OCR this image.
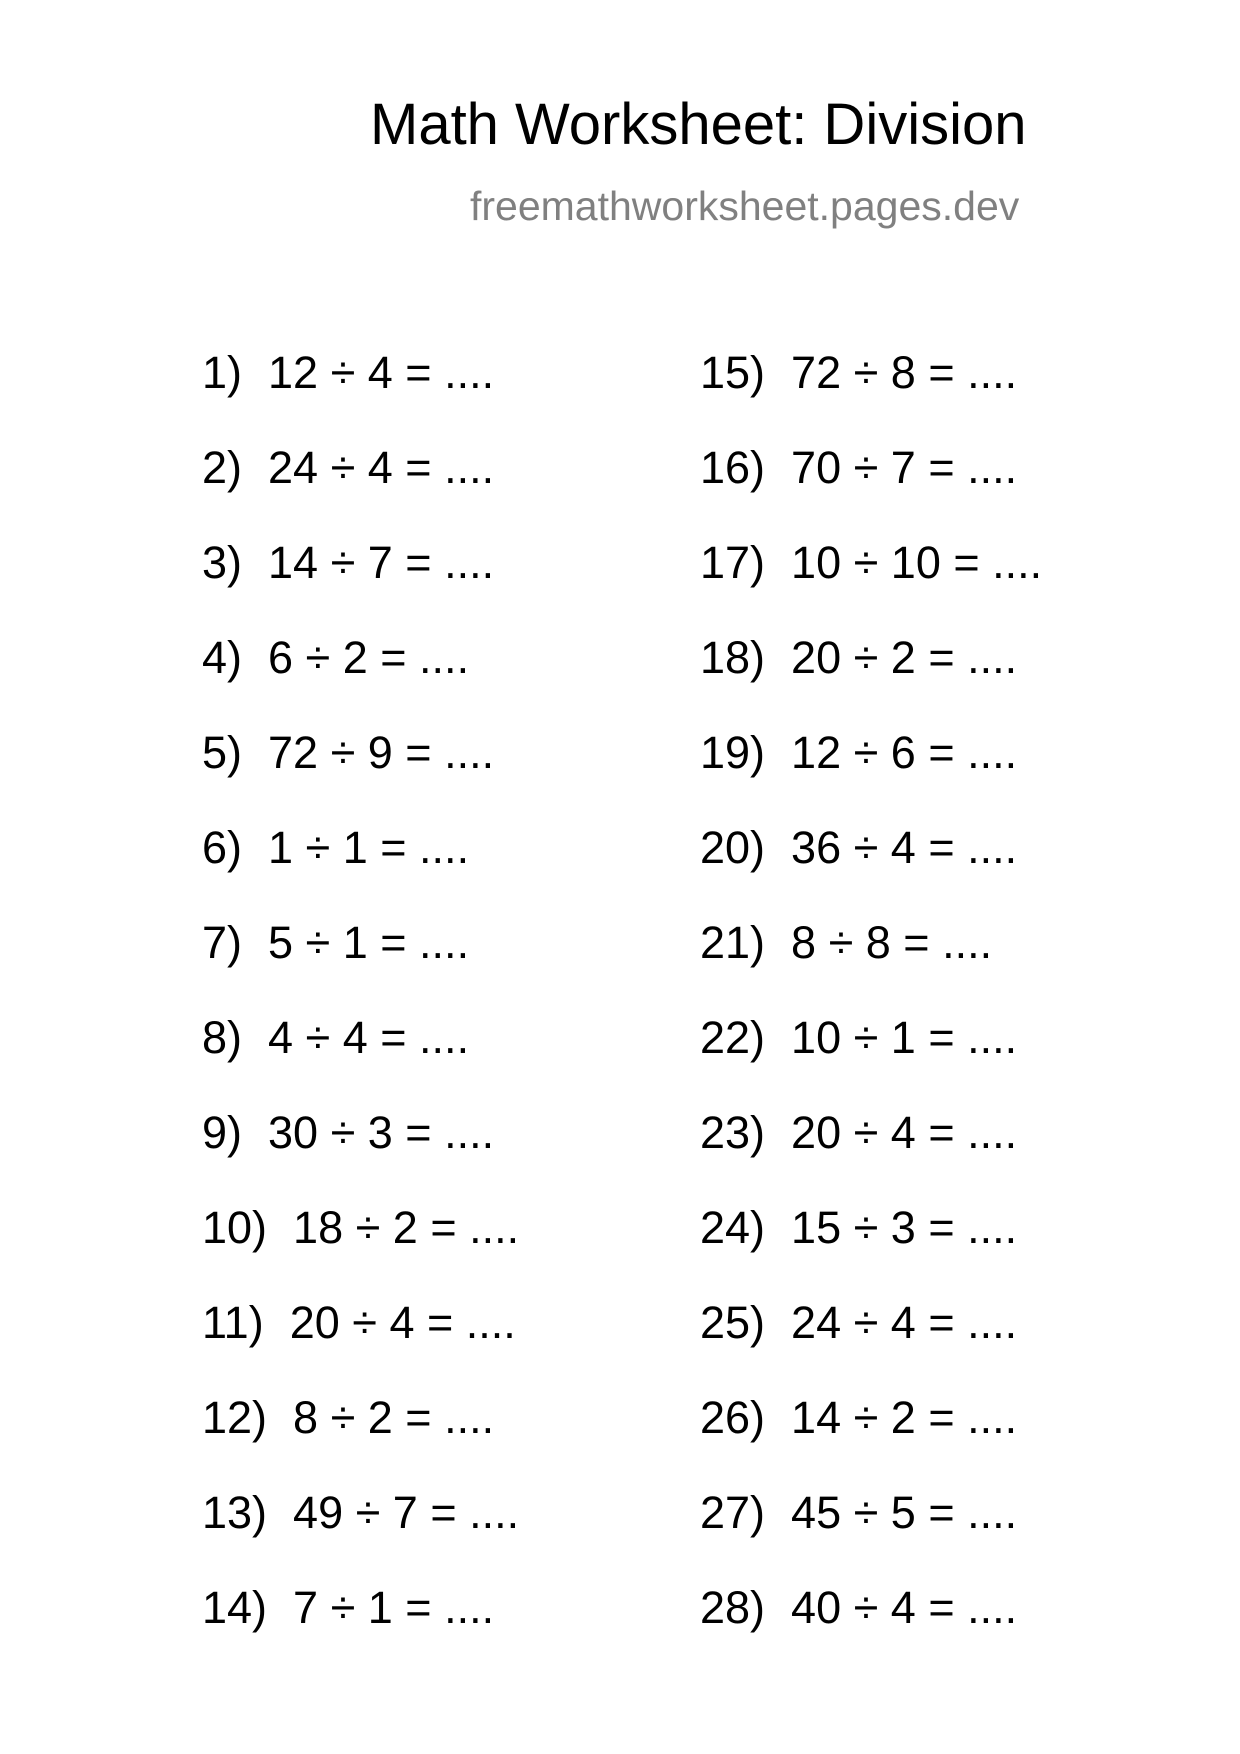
Math Worksheet: Division
freemathworksheet.pages.dev
1) 12 ÷ 4 = ....
2) 24 ÷ 4 = ....
3) 14 ÷ 7 = ....
4) 6 ÷ 2 = ....
5) 72 ÷ 9 = ....
6) 1 ÷ 1 = ....
7) 5 ÷ 1 = ....
8) 4 ÷ 4 = ....
9) 30 ÷ 3 = ....
10) 18 ÷ 2 = ....
11) 20 ÷ 4 = ....
12) 8 ÷ 2 = ....
13) 49 ÷ 7 = ....
14) 7 ÷ 1 = ....
15) 72 ÷ 8 = ....
16) 70 ÷ 7 = ....
17) 10 ÷ 10 = ....
18) 20 ÷ 2 = ....
19) 12 ÷ 6 = ....
20) 36 ÷ 4 = ....
21) 8 ÷ 8 = ....
22) 10 ÷ 1 = ....
23) 20 ÷ 4 = ....
24) 15 ÷ 3 = ....
25) 24 ÷ 4 = ....
26) 14 ÷ 2 = ....
27) 45 ÷ 5 = ....
28) 40 ÷ 4 = ....
